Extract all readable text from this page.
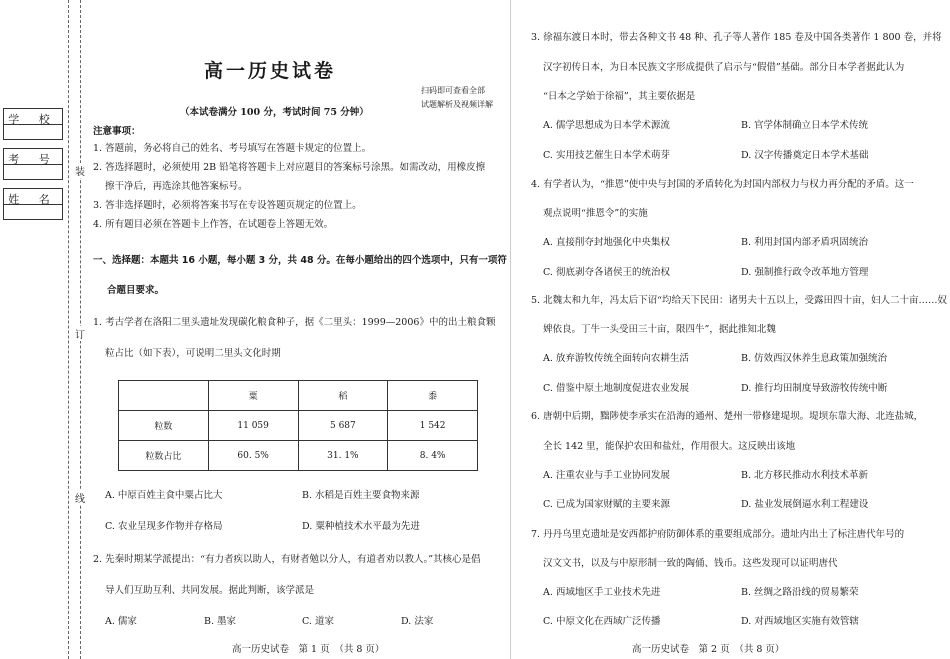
学 校
考 号
姓 名
装
订
线
高一历史试卷
扫码即可查看全部
试题解析及视频详解
（本试卷满分 100 分，考试时间 75 分钟）
注意事项：
1. 答题前，务必将自己的姓名、考号填写在答题卡规定的位置上。
2. 答选择题时，必须使用 2B 铅笔将答题卡上对应题目的答案标号涂黑。如需改动，用橡皮擦
擦干净后，再选涂其他答案标号。
3. 答非选择题时，必须将答案书写在专设答题页规定的位置上。
4. 所有题目必须在答题卡上作答，在试题卷上答题无效。
一、选择题：本题共 16 小题，每小题 3 分，共 48 分。在每小题给出的四个选项中，只有一项符
合题目要求。
1. 考古学者在洛阳二里头遗址发现碳化粮食种子，据《二里头：1999—2006》中的出土粮食颗
粒占比（如下表），可说明二里头文化时期
	粟	稻	黍
粒数	11 059	5 687	1 542
粒数占比	60. 5%	31. 1%	8. 4%
A. 中原百姓主食中粟占比大	B. 水稻是百姓主要食物来源
C. 农业呈现多作物并存格局	D. 粟种植技术水平最为先进
2. 先秦时期某学派提出：“有力者疾以助人，有财者勉以分人，有道者劝以教人。”其核心是倡
导人们互助互利、共同发展。据此判断，该学派是
A. 儒家	B. 墨家	C. 道家	D. 法家
高一历史试卷　第 1 页　（共 8 页）
3. 徐福东渡日本时，带去各种文书 48 种、孔子等人著作 185 卷及中国各类著作 1 800 卷，并将
汉字初传日本，为日本民族文字形成提供了启示与“假借”基础。部分日本学者据此认为
“日本之学始于徐福”，其主要依据是
A. 儒学思想成为日本学术源流	B. 官学体制确立日本学术传统
C. 实用技艺催生日本学术萌芽	D. 汉字传播奠定日本学术基础
4. 有学者认为，“推恩”使中央与封国的矛盾转化为封国内部权力与权力再分配的矛盾。这一
观点说明“推恩令”的实施
A. 直接削夺封地强化中央集权	B. 利用封国内部矛盾巩固统治
C. 彻底剥夺各诸侯王的统治权	D. 强制推行政令改革地方管理
5. 北魏太和九年，冯太后下诏“均给天下民田：诸男夫十五以上，受露田四十亩，妇人二十亩……奴
婢依良。丁牛一头受田三十亩，限四牛”，据此推知北魏
A. 放弃游牧传统全面转向农耕生活	B. 仿效西汉休养生息政策加强统治
C. 借鉴中原土地制度促进农业发展	D. 推行均田制度导致游牧传统中断
6. 唐朝中后期，黜陟使李承实在沿海的通州、楚州一带修建堤坝。堤坝东靠大海、北连盐城，
全长 142 里，能保护农田和盐灶，作用很大。这反映出该地
A. 注重农业与手工业协同发展	B. 北方移民推动水利技术革新
C. 已成为国家财赋的主要来源	D. 盐业发展倒逼水利工程建设
7. 丹丹乌里克遗址是安西都护府防御体系的重要组成部分。遗址内出土了标注唐代年号的
汉文文书，以及与中原形制一致的陶俑、钱币。这些发现可以证明唐代
A. 西域地区手工业技术先进	B. 丝绸之路沿线的贸易繁荣
C. 中原文化在西域广泛传播	D. 对西域地区实施有效管辖
高一历史试卷　第 2 页　（共 8 页）
